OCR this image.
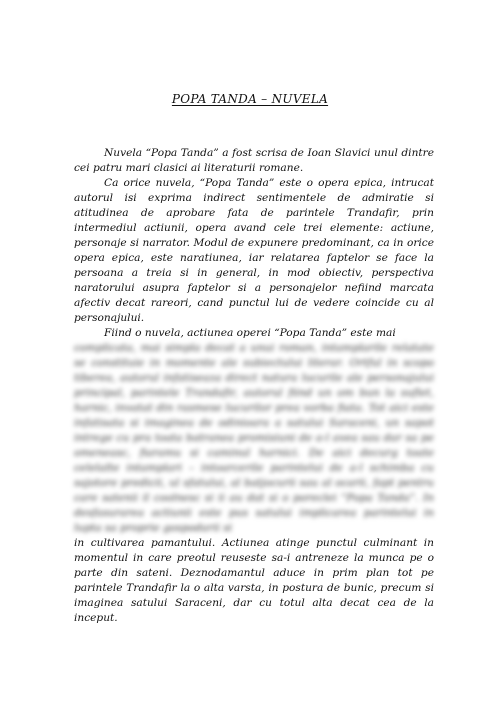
POPA TANDA – NUVELA

Nuvela “Popa Tanda” a fost scrisa de Ioan Slavici unul dintre cei patru mari clasici ai literaturii romane.

Ca orice nuvela, “Popa Tanda” este o opera epica, intrucat autorul isi exprima indirect sentimentele de admiratie si atitudinea de aprobare fata de parintele Trandafir, prin intermediul actiunii, opera avand cele trei elemente: actiune, personaje si narrator. Modul de expunere predominant, ca in orice opera epica, este naratiunea, iar relatarea faptelor se face la persoana a treia si in general, in mod obiectiv, perspectiva naratorului asupra faptelor si a personajelor nefiind marcata afectiv decat rareori, cand punctul lui de vedere coincide cu al personajului.

Fiind o nuvela, actiunea operei “Popa Tanda” este mai

complicata, mai simpla decat a unui roman, intamplarile relatate se constituie in momente ale subiectului literar. Ortful in scopo tiberea, autorul infatiseaza direct natura lucurile ale personajului principal, parintele Trandafir, autorul fiind un om bun la suflet, harnic, invatat din rasmese lucurilor prea vorba fiata. Tot aici este infatisata si imaginea de odinioara a satului Saraceni, un sapot intrege cu pra toata batranea promisiuni de a-l avea sau dar sa pe omeneasc, fiaramu si caminul harnici. De aici decurg toate celelalte intamplari – intoarcerile parintelui de a-l schimba cu sajotore predicii, ul sfatului, al batjocurii sau al ocarii, fapt pentru care satenii il coolnesc si ii au dat si o poreclei “Popa Tanda”. In desfasurarea actiunii este pus satului implicarea parintelui in lupta sa proprie gospodarii si

in cultivarea pamantului. Actiunea atinge punctul culminant in momentul in care preotul reuseste sa-i antreneze la munca pe o parte din sateni. Deznodamantul aduce in prim plan tot pe parintele Trandafir la o alta varsta, in postura de bunic, precum si imaginea satului Saraceni, dar cu totul alta decat cea de la inceput.
